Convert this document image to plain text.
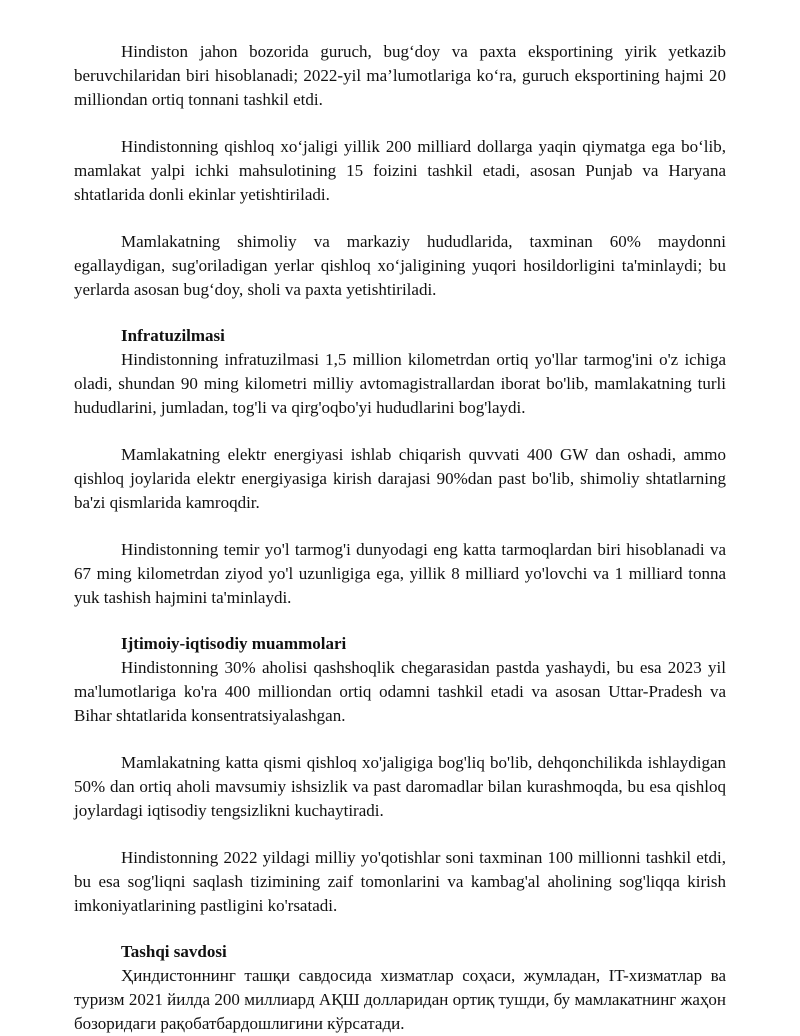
Hindiston jahon bozorida guruch, bug‘doy va paxta eksportining yirik yetkazib beruvchilaridan biri hisoblanadi; 2022-yil ma’lumotlariga ko‘ra, guruch eksportining hajmi 20 milliondan ortiq tonnani tashkil etdi.

Hindistonning qishloq xo‘jaligi yillik 200 milliard dollarga yaqin qiymatga ega bo‘lib, mamlakat yalpi ichki mahsulotining 15 foizini tashkil etadi, asosan Punjab va Haryana shtatlarida donli ekinlar yetishtiriladi.

Mamlakatning shimoliy va markaziy hududlarida, taxminan 60% maydonni egallaydigan, sug'oriladigan yerlar qishloq xo‘jaligining yuqori hosildorligini ta'minlaydi; bu yerlarda asosan bug‘doy, sholi va paxta yetishtiriladi.

Infratuzilmasi

Hindistonning infratuzilmasi 1,5 million kilometrdan ortiq yo'llar tarmog'ini o'z ichiga oladi, shundan 90 ming kilometri milliy avtomagistrallardan iborat bo'lib, mamlakatning turli hududlarini, jumladan, tog'li va qirg'oqbo'yi hududlarini bog'laydi.

Mamlakatning elektr energiyasi ishlab chiqarish quvvati 400 GW dan oshadi, ammo qishloq joylarida elektr energiyasiga kirish darajasi 90%dan past bo'lib, shimoliy shtatlarning ba'zi qismlarida kamroqdir.

Hindistonning temir yo'l tarmog'i dunyodagi eng katta tarmoqlardan biri hisoblanadi va 67 ming kilometrdan ziyod yo'l uzunligiga ega, yillik 8 milliard yo'lovchi va 1 milliard tonna yuk tashish hajmini ta'minlaydi.

Ijtimoiy-iqtisodiy muammolari

Hindistonning 30% aholisi qashshoqlik chegarasidan pastda yashaydi, bu esa 2023 yil ma'lumotlariga ko'ra 400 milliondan ortiq odamni tashkil etadi va asosan Uttar-Pradesh va Bihar shtatlarida konsentratsiyalashgan.

Mamlakatning katta qismi qishloq xo'jaligiga bog'liq bo'lib, dehqonchilikda ishlaydigan 50% dan ortiq aholi mavsumiy ishsizlik va past daromadlar bilan kurashmoqda, bu esa qishloq joylardagi iqtisodiy tengsizlikni kuchaytiradi.

Hindistonning 2022 yildagi milliy yo'qotishlar soni taxminan 100 millionni tashkil etdi, bu esa sog'liqni saqlash tizimining zaif tomonlarini va kambag'al aholining sog'liqqa kirish imkoniyatlarining pastligini ko'rsatadi.

Tashqi savdosi

Ҳиндистоннинг ташқи савдосида хизматлар соҳаси, жумладан, IT-хизматлар ва туризм 2021 йилда 200 миллиард АҚШ долларидан ортиқ тушди, бу мамлакатнинг жаҳон бозоридаги рақобатбардошлигини кўрсатади.
